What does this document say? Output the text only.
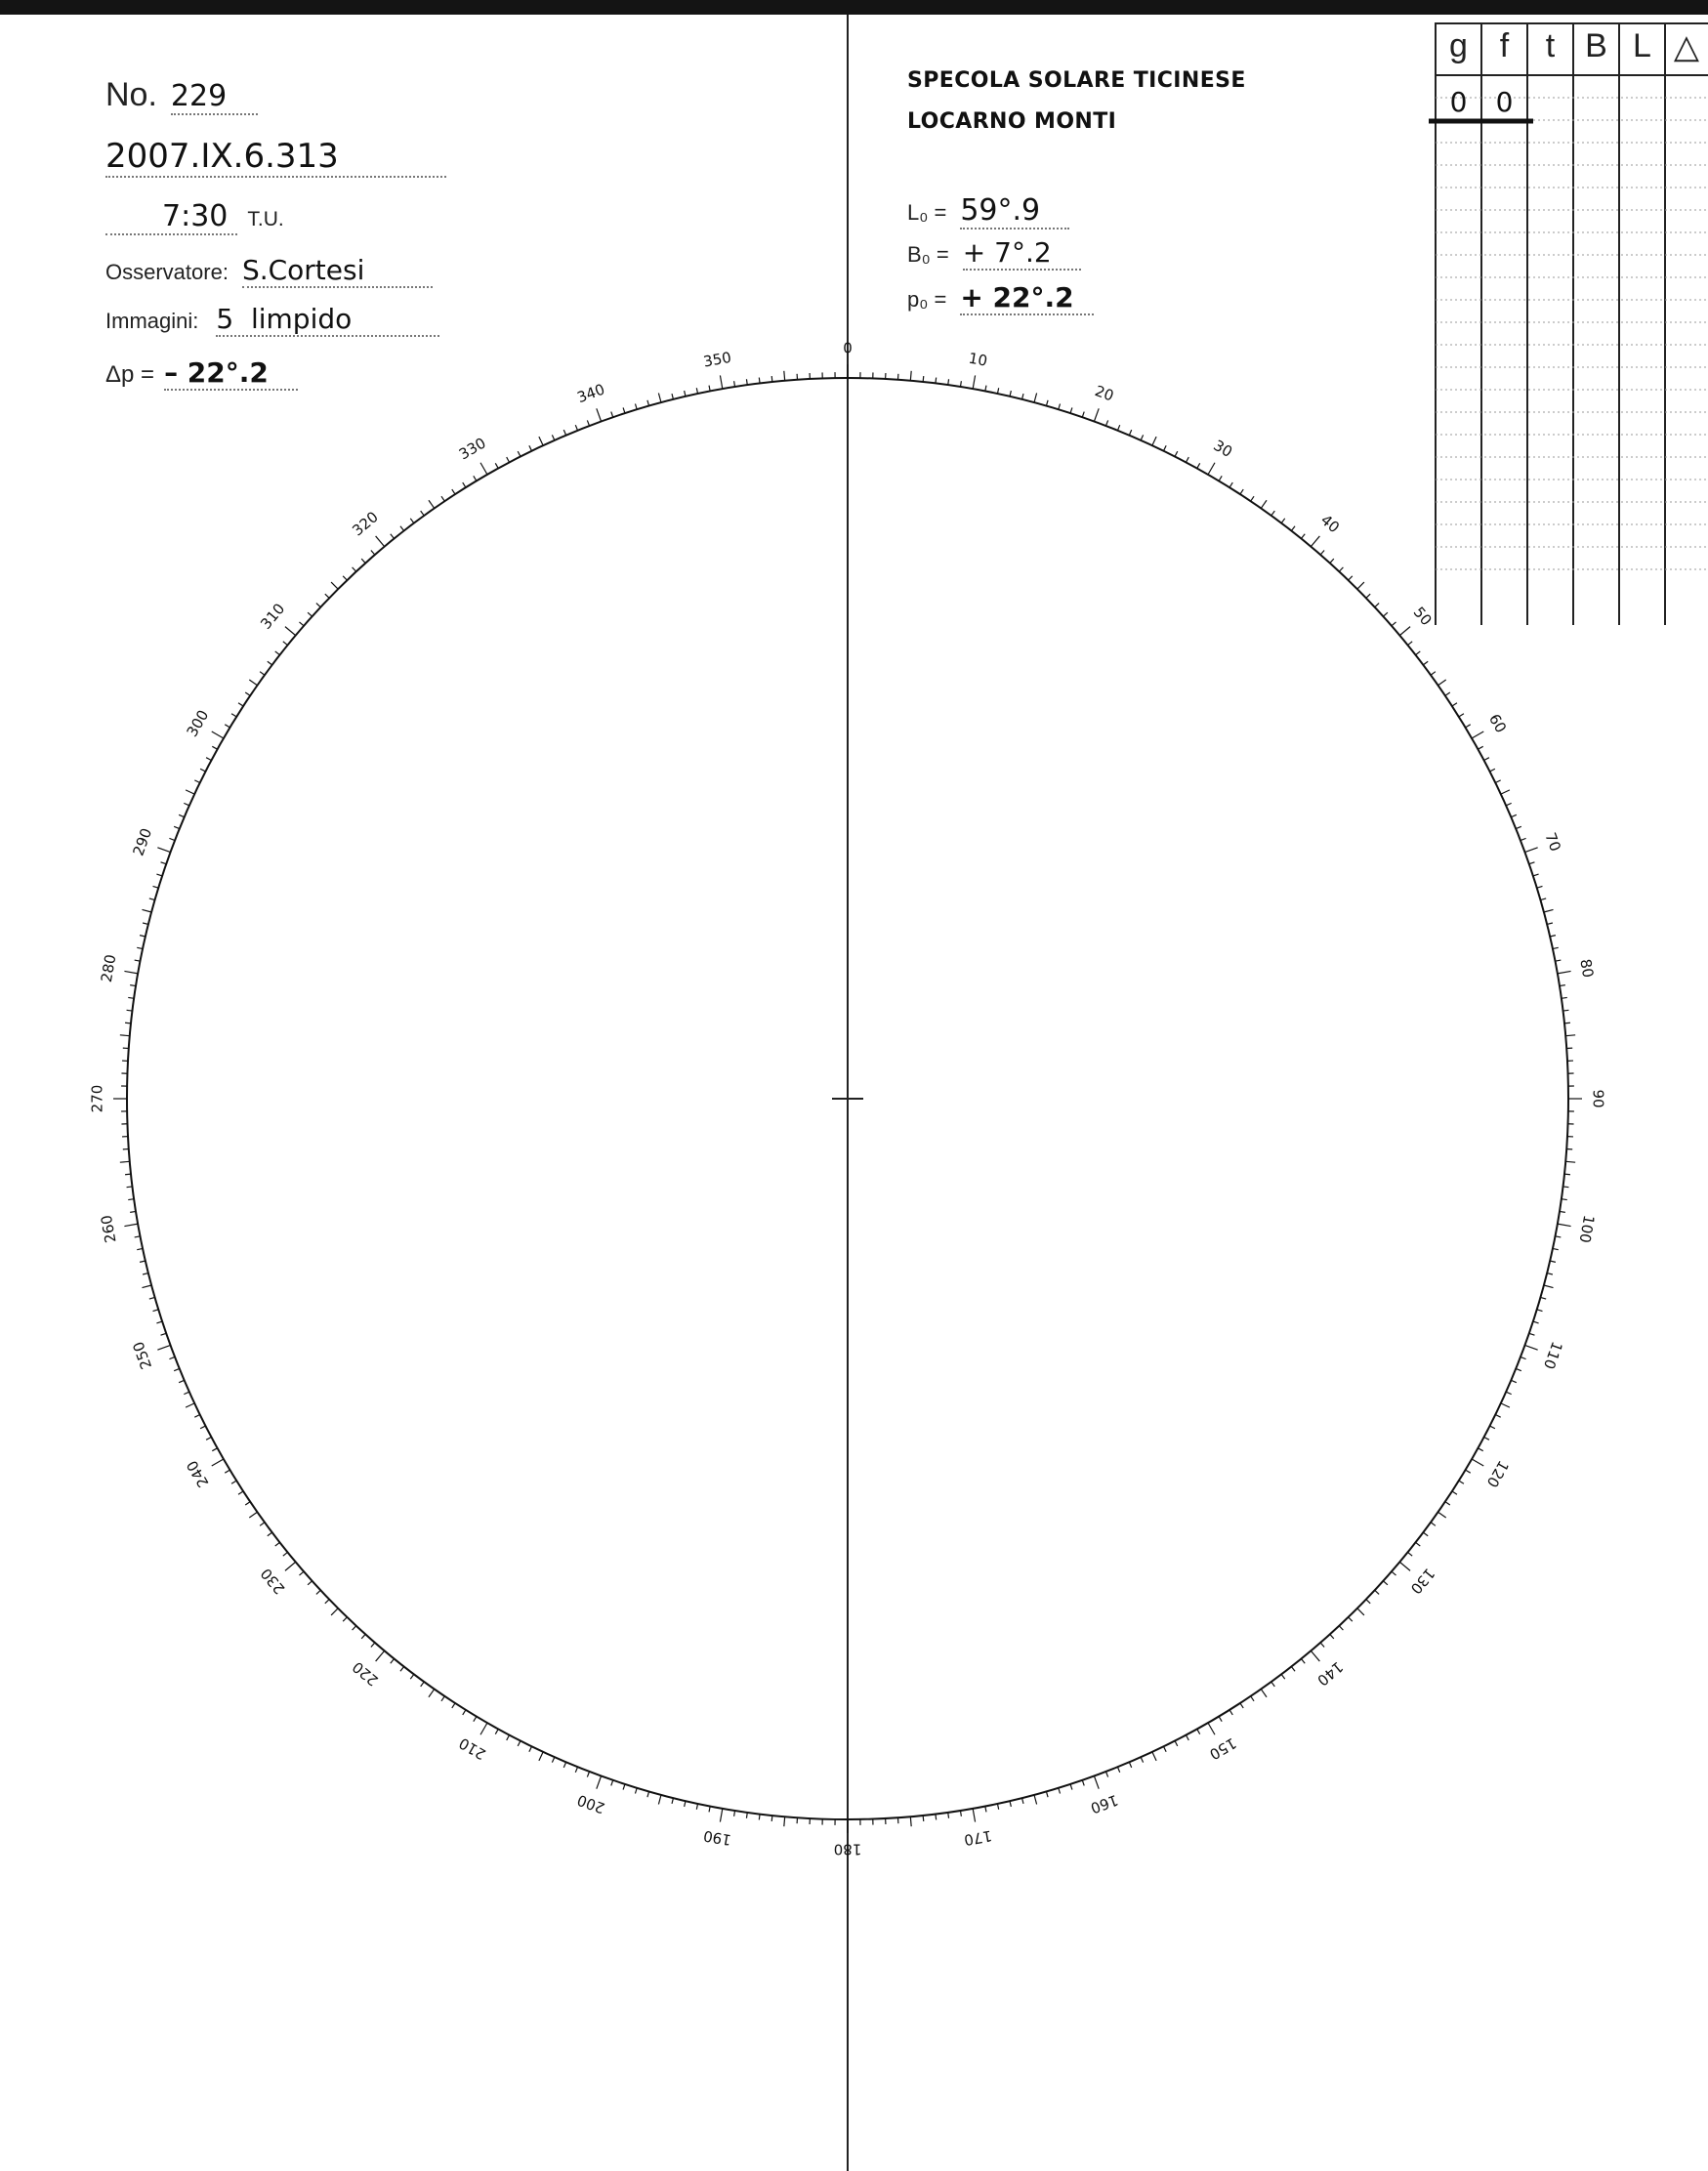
0
10
20
30
40
50
60
70
80
90
100
110
120
130
140
150
160
170
180
190
200
210
220
230
240
250
260
270
280
290
300
310
320
330
340
350
No. 229
2007.IX.6.313
7:30 T.U.
Osservatore: S.Cortesi
Immagini: 5  limpido
Δp = – 22°.2
SPECOLA SOLARE TICINESE
LOCARNO MONTI
L₀ = 59°.9
B₀ = + 7°.2
p₀ = + 22°.2
g f	t B L △
0	0
